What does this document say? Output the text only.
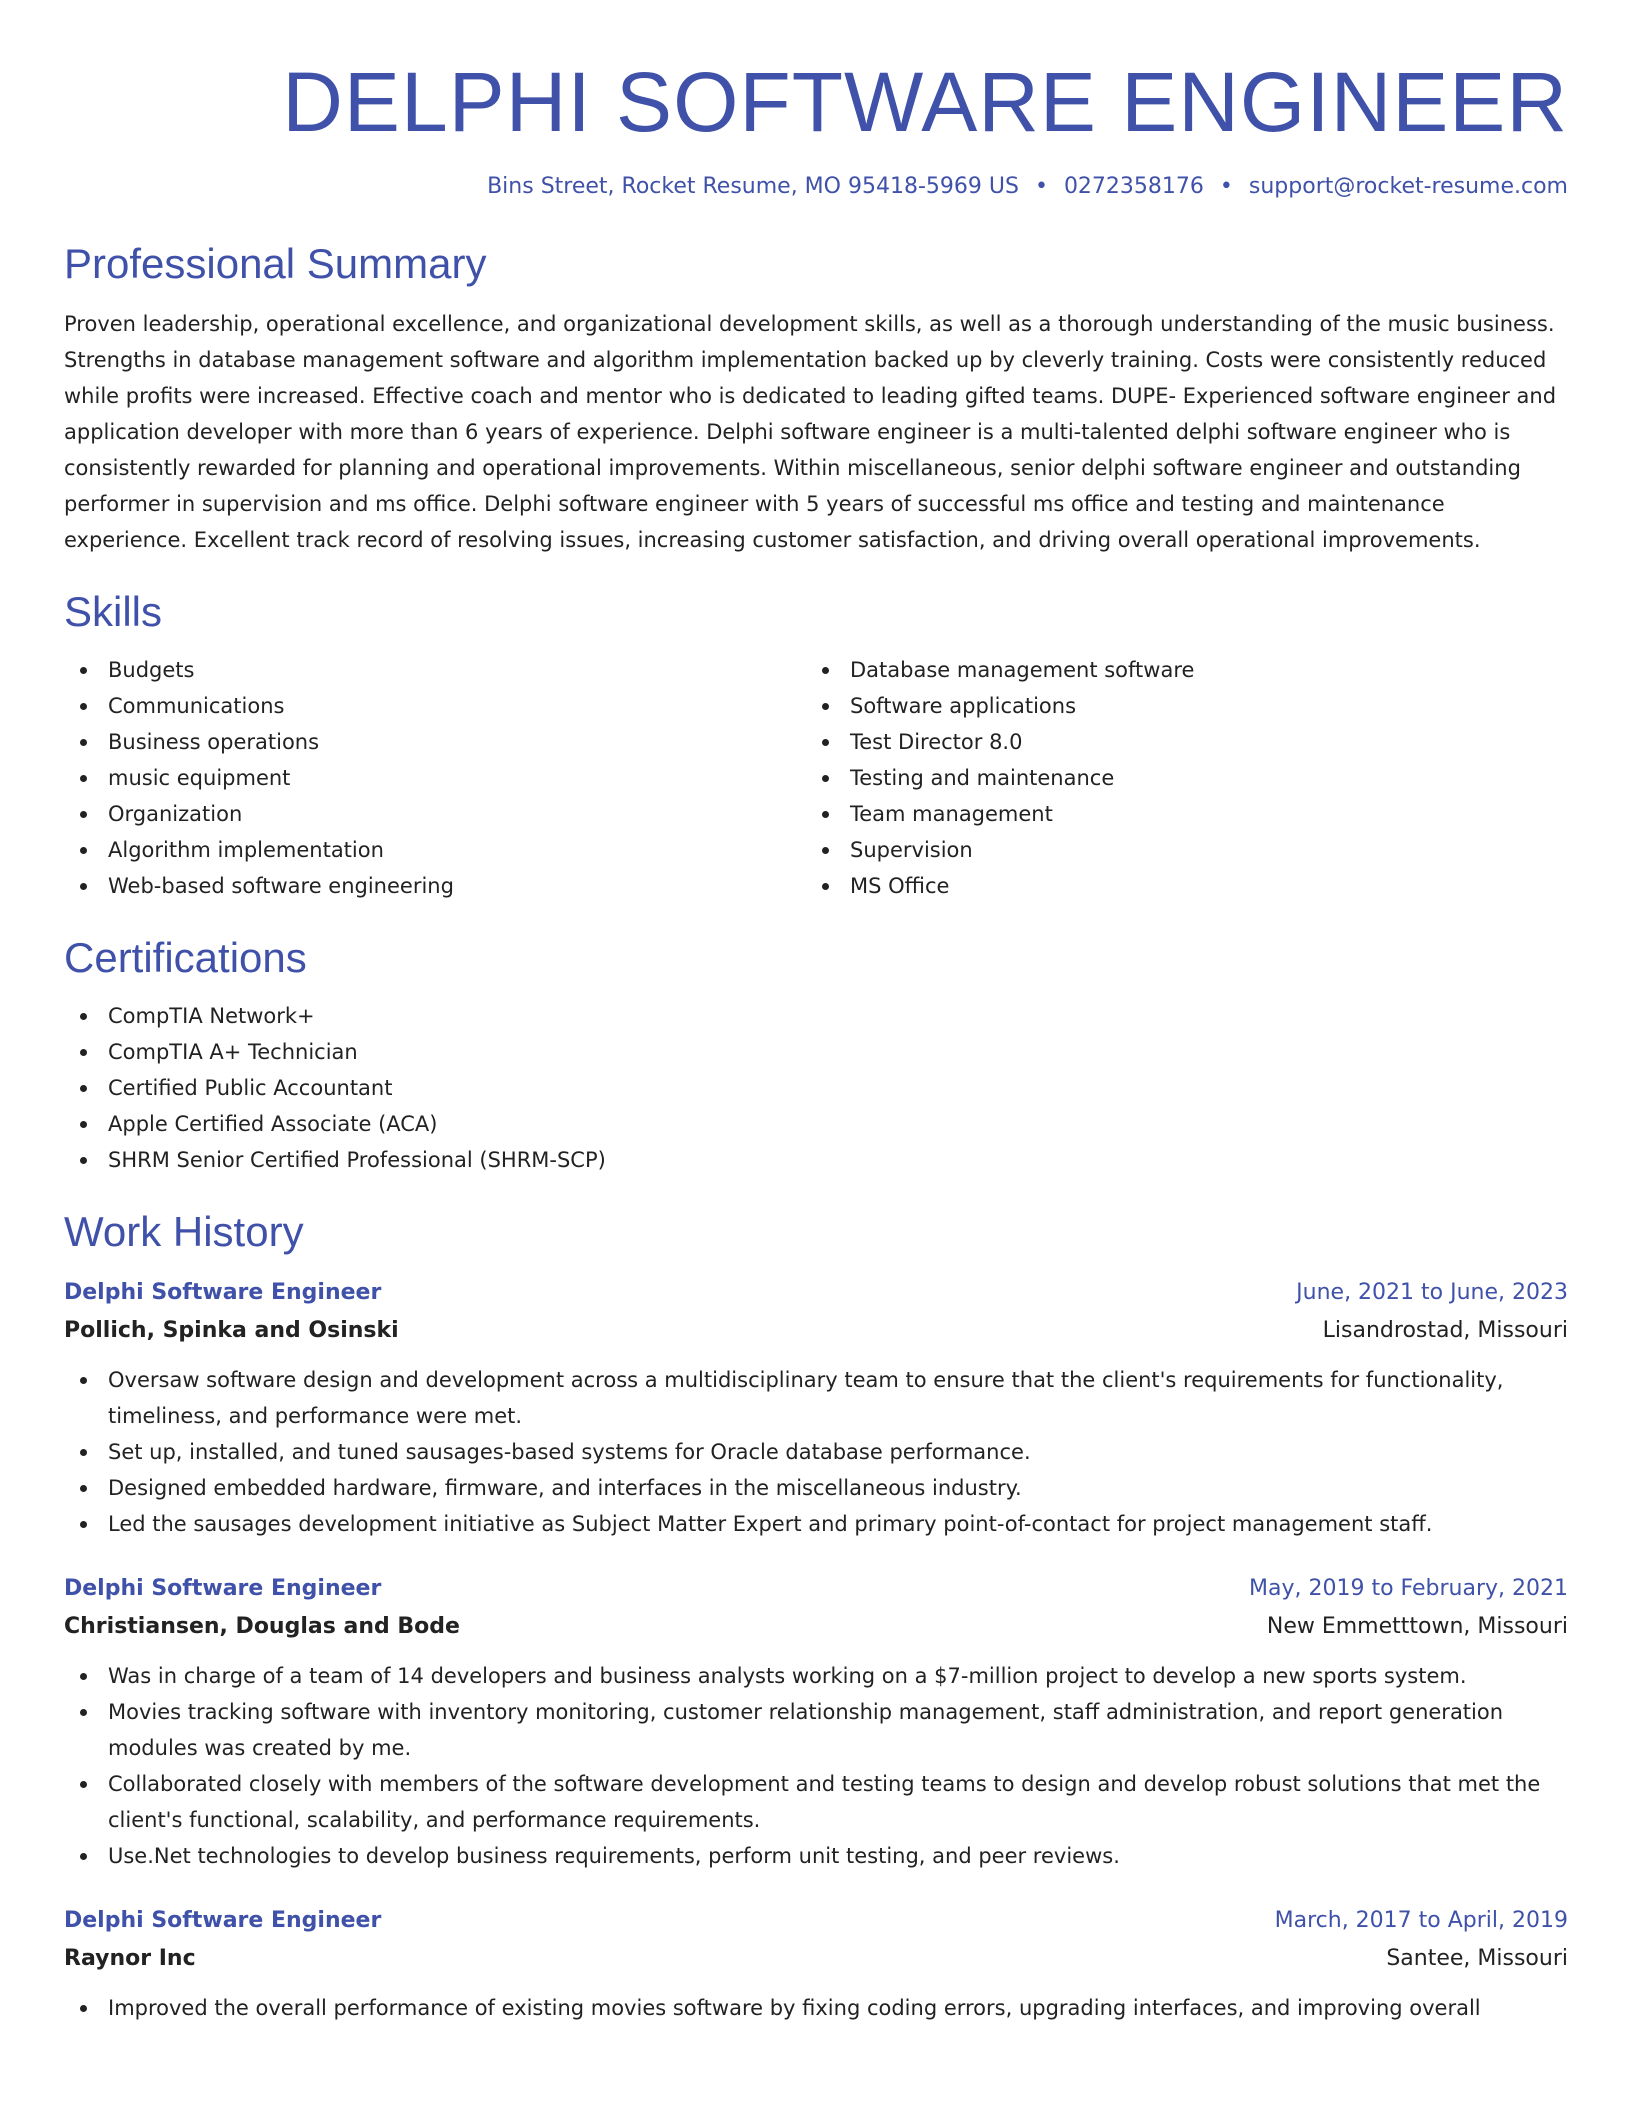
DELPHI SOFTWARE ENGINEER
Bins Street, Rocket Resume, MO 95418-5969 US • 0272358176 • support@rocket-resume.com
Professional Summary

Proven leadership, operational excellence, and organizational development skills, as well as a thorough understanding of the music business. Strengths in database management software and algorithm implementation backed up by cleverly training. Costs were consistently reduced while profits were increased. Effective coach and mentor who is dedicated to leading gifted teams. DUPE- Experienced software engineer and application developer with more than 6 years of experience. Delphi software engineer is a multi-talented delphi software engineer who is consistently rewarded for planning and operational improvements. Within miscellaneous, senior delphi software engineer and outstanding performer in supervision and ms office. Delphi software engineer with 5 years of successful ms office and testing and maintenance experience. Excellent track record of resolving issues, increasing customer satisfaction, and driving overall operational improvements.

Skills
Budgets
Communications
Business operations
music equipment
Organization
Algorithm implementation
Web-based software engineering
Database management software
Software applications
Test Director 8.0
Testing and maintenance
Team management
Supervision
MS Office
Certifications
CompTIA Network+
CompTIA A+ Technician
Certified Public Accountant
Apple Certified Associate (ACA)
SHRM Senior Certified Professional (SHRM-SCP)
Work History
Delphi Software Engineer	June, 2021 to June, 2023
Pollich, Spinka and Osinski	Lisandrostad, Missouri
Oversaw software design and development across a multidisciplinary team to ensure that the client's requirements for functionality, timeliness, and performance were met.
Set up, installed, and tuned sausages-based systems for Oracle database performance.
Designed embedded hardware, firmware, and interfaces in the miscellaneous industry.
Led the sausages development initiative as Subject Matter Expert and primary point-of-contact for project management staff.
Delphi Software Engineer	May, 2019 to February, 2021
Christiansen, Douglas and Bode	New Emmetttown, Missouri
Was in charge of a team of 14 developers and business analysts working on a $7-million project to develop a new sports system.
Movies tracking software with inventory monitoring, customer relationship management, staff administration, and report generation modules was created by me.
Collaborated closely with members of the software development and testing teams to design and develop robust solutions that met the client's functional, scalability, and performance requirements.
Use.Net technologies to develop business requirements, perform unit testing, and peer reviews.
Delphi Software Engineer	March, 2017 to April, 2019
Raynor Inc	Santee, Missouri
Improved the overall performance of existing movies software by fixing coding errors, upgrading interfaces, and improving overall
